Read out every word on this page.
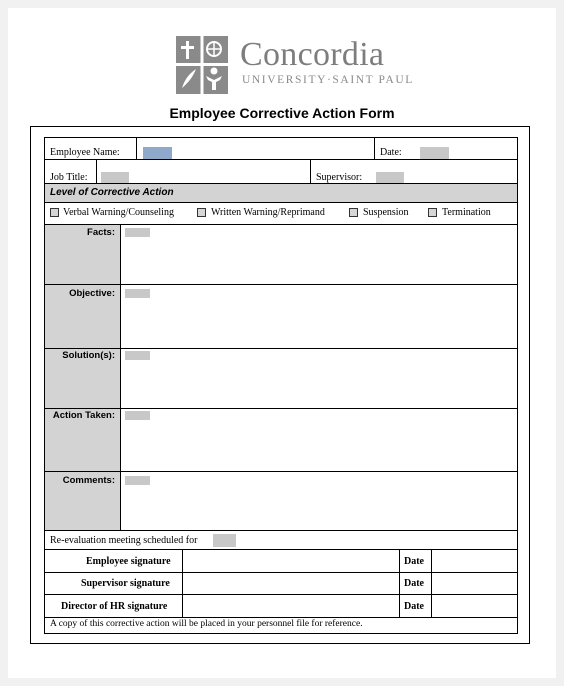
Concordia
UNIVERSITY·SAINT PAUL
Employee Corrective Action Form
Employee Name:	Date:
Job Title:	Supervisor:
Level of Corrective Action
Verbal Warning/Counseling	Written Warning/Reprimand	Suspension	Termination
Facts:
Objective:
Solution(s):
Action Taken:
Comments:
Re-evaluation meeting scheduled for
Employee signature	Date
Supervisor signature	Date
Director of HR signature	Date
A copy of this corrective action will be placed in your personnel file for reference.
